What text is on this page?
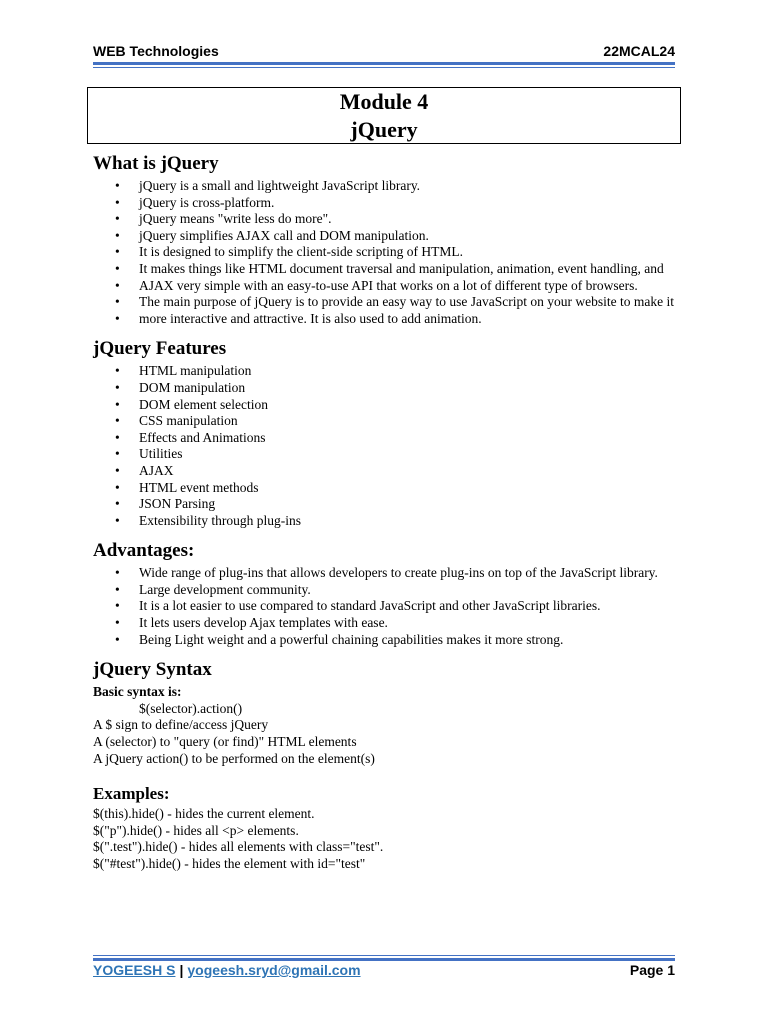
WEB Technologies	22MCAL24
Module 4
jQuery
What is jQuery
• jQuery is a small and lightweight JavaScript library.
• jQuery is cross-platform.
• jQuery means "write less do more".
• jQuery simplifies AJAX call and DOM manipulation.
• It is designed to simplify the client-side scripting of HTML.
• It makes things like HTML document traversal and manipulation, animation, event handling, and
• AJAX very simple with an easy-to-use API that works on a lot of different type of browsers.
• The main purpose of jQuery is to provide an easy way to use JavaScript on your website to make it
• more interactive and attractive. It is also used to add animation.
jQuery Features
• HTML manipulation
• DOM manipulation
• DOM element selection
• CSS manipulation
• Effects and Animations
• Utilities
• AJAX
• HTML event methods
• JSON Parsing
• Extensibility through plug-ins
Advantages:
• Wide range of plug-ins that allows developers to create plug-ins on top of the JavaScript library.
• Large development community.
• It is a lot easier to use compared to standard JavaScript and other JavaScript libraries.
• It lets users develop Ajax templates with ease.
• Being Light weight and a powerful chaining capabilities makes it more strong.
jQuery Syntax
Basic syntax is:
$(selector).action()
A $ sign to define/access jQuery
A (selector) to "query (or find)" HTML elements
A jQuery action() to be performed on the element(s)
Examples:
$(this).hide() - hides the current element.
$("p").hide() - hides all <p> elements.
$(".test").hide() - hides all elements with class="test".
$("#test").hide() - hides the element with id="test"
YOGEESH S | yogeesh.sryd@gmail.com	Page 1
